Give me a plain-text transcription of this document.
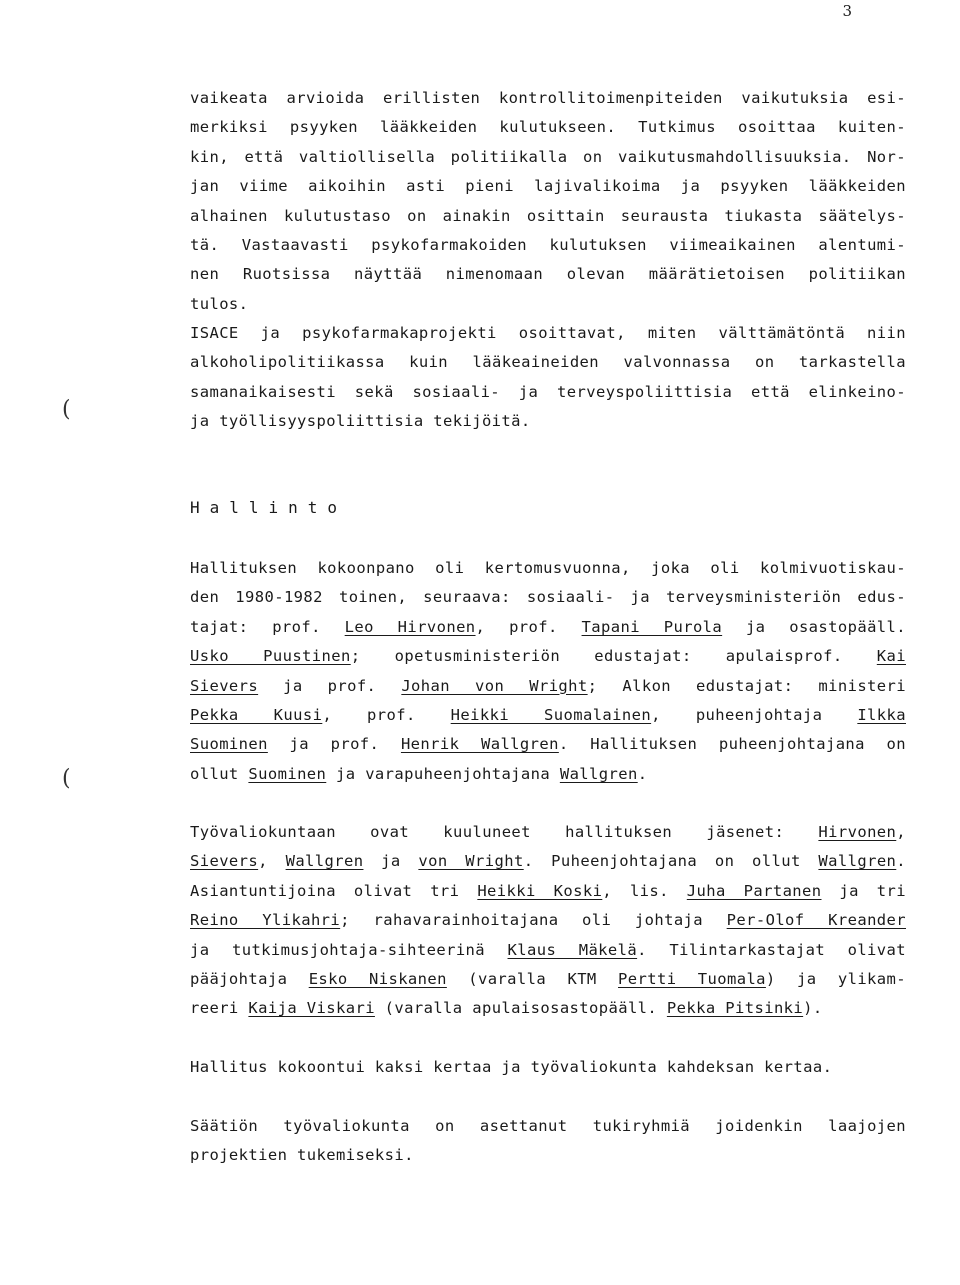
3
(
(
vaikeata arvioida erillisten kontrollitoimenpiteiden vaikutuksia esi-
merkiksi psyyken lääkkeiden kulutukseen. Tutkimus osoittaa kuiten-
kin, että valtiollisella politiikalla on vaikutusmahdollisuuksia. Nor-
jan viime aikoihin asti pieni lajivalikoima ja psyyken lääkkeiden
alhainen kulutustaso on ainakin osittain seurausta tiukasta säätelys-
tä. Vastaavasti psykofarmakoiden kulutuksen viimeaikainen alentumi-
nen Ruotsissa näyttää nimenomaan olevan määrätietoisen politiikan
tulos.
ISACE ja psykofarmakaprojekti osoittavat, miten välttämätöntä niin
alkoholipolitiikassa kuin lääkeaineiden valvonnassa on tarkastella
samanaikaisesti sekä sosiaali- ja terveyspoliittisia että elinkeino-
ja työllisyyspoliittisia tekijöitä.
Hallinto
Hallituksen kokoonpano oli kertomusvuonna, joka oli kolmivuotiskau-
den 1980-1982 toinen, seuraava: sosiaali- ja terveysministeriön edus-
tajat: prof. Leo Hirvonen, prof. Tapani Purola ja osastopääll.
Usko Puustinen; opetusministeriön edustajat: apulaisprof. Kai
Sievers ja prof. Johan von Wright; Alkon edustajat: ministeri
Pekka Kuusi, prof. Heikki Suomalainen, puheenjohtaja Ilkka
Suominen ja prof. Henrik Wallgren. Hallituksen puheenjohtajana on
ollut Suominen ja varapuheenjohtajana Wallgren.
Työvaliokuntaan ovat kuuluneet hallituksen jäsenet: Hirvonen,
Sievers, Wallgren ja von Wright. Puheenjohtajana on ollut Wallgren.
Asiantuntijoina olivat tri Heikki Koski, lis. Juha Partanen ja tri
Reino Ylikahri; rahavarainhoitajana oli johtaja Per-Olof Kreander
ja tutkimusjohtaja-sihteerinä Klaus Mäkelä. Tilintarkastajat olivat
pääjohtaja Esko Niskanen (varalla KTM Pertti Tuomala) ja ylikam-
reeri Kaija Viskari (varalla apulaisosastopääll. Pekka Pitsinki).
Hallitus kokoontui kaksi kertaa ja työvaliokunta kahdeksan kertaa.
Säätiön työvaliokunta on asettanut tukiryhmiä joidenkin laajojen
projektien tukemiseksi.
